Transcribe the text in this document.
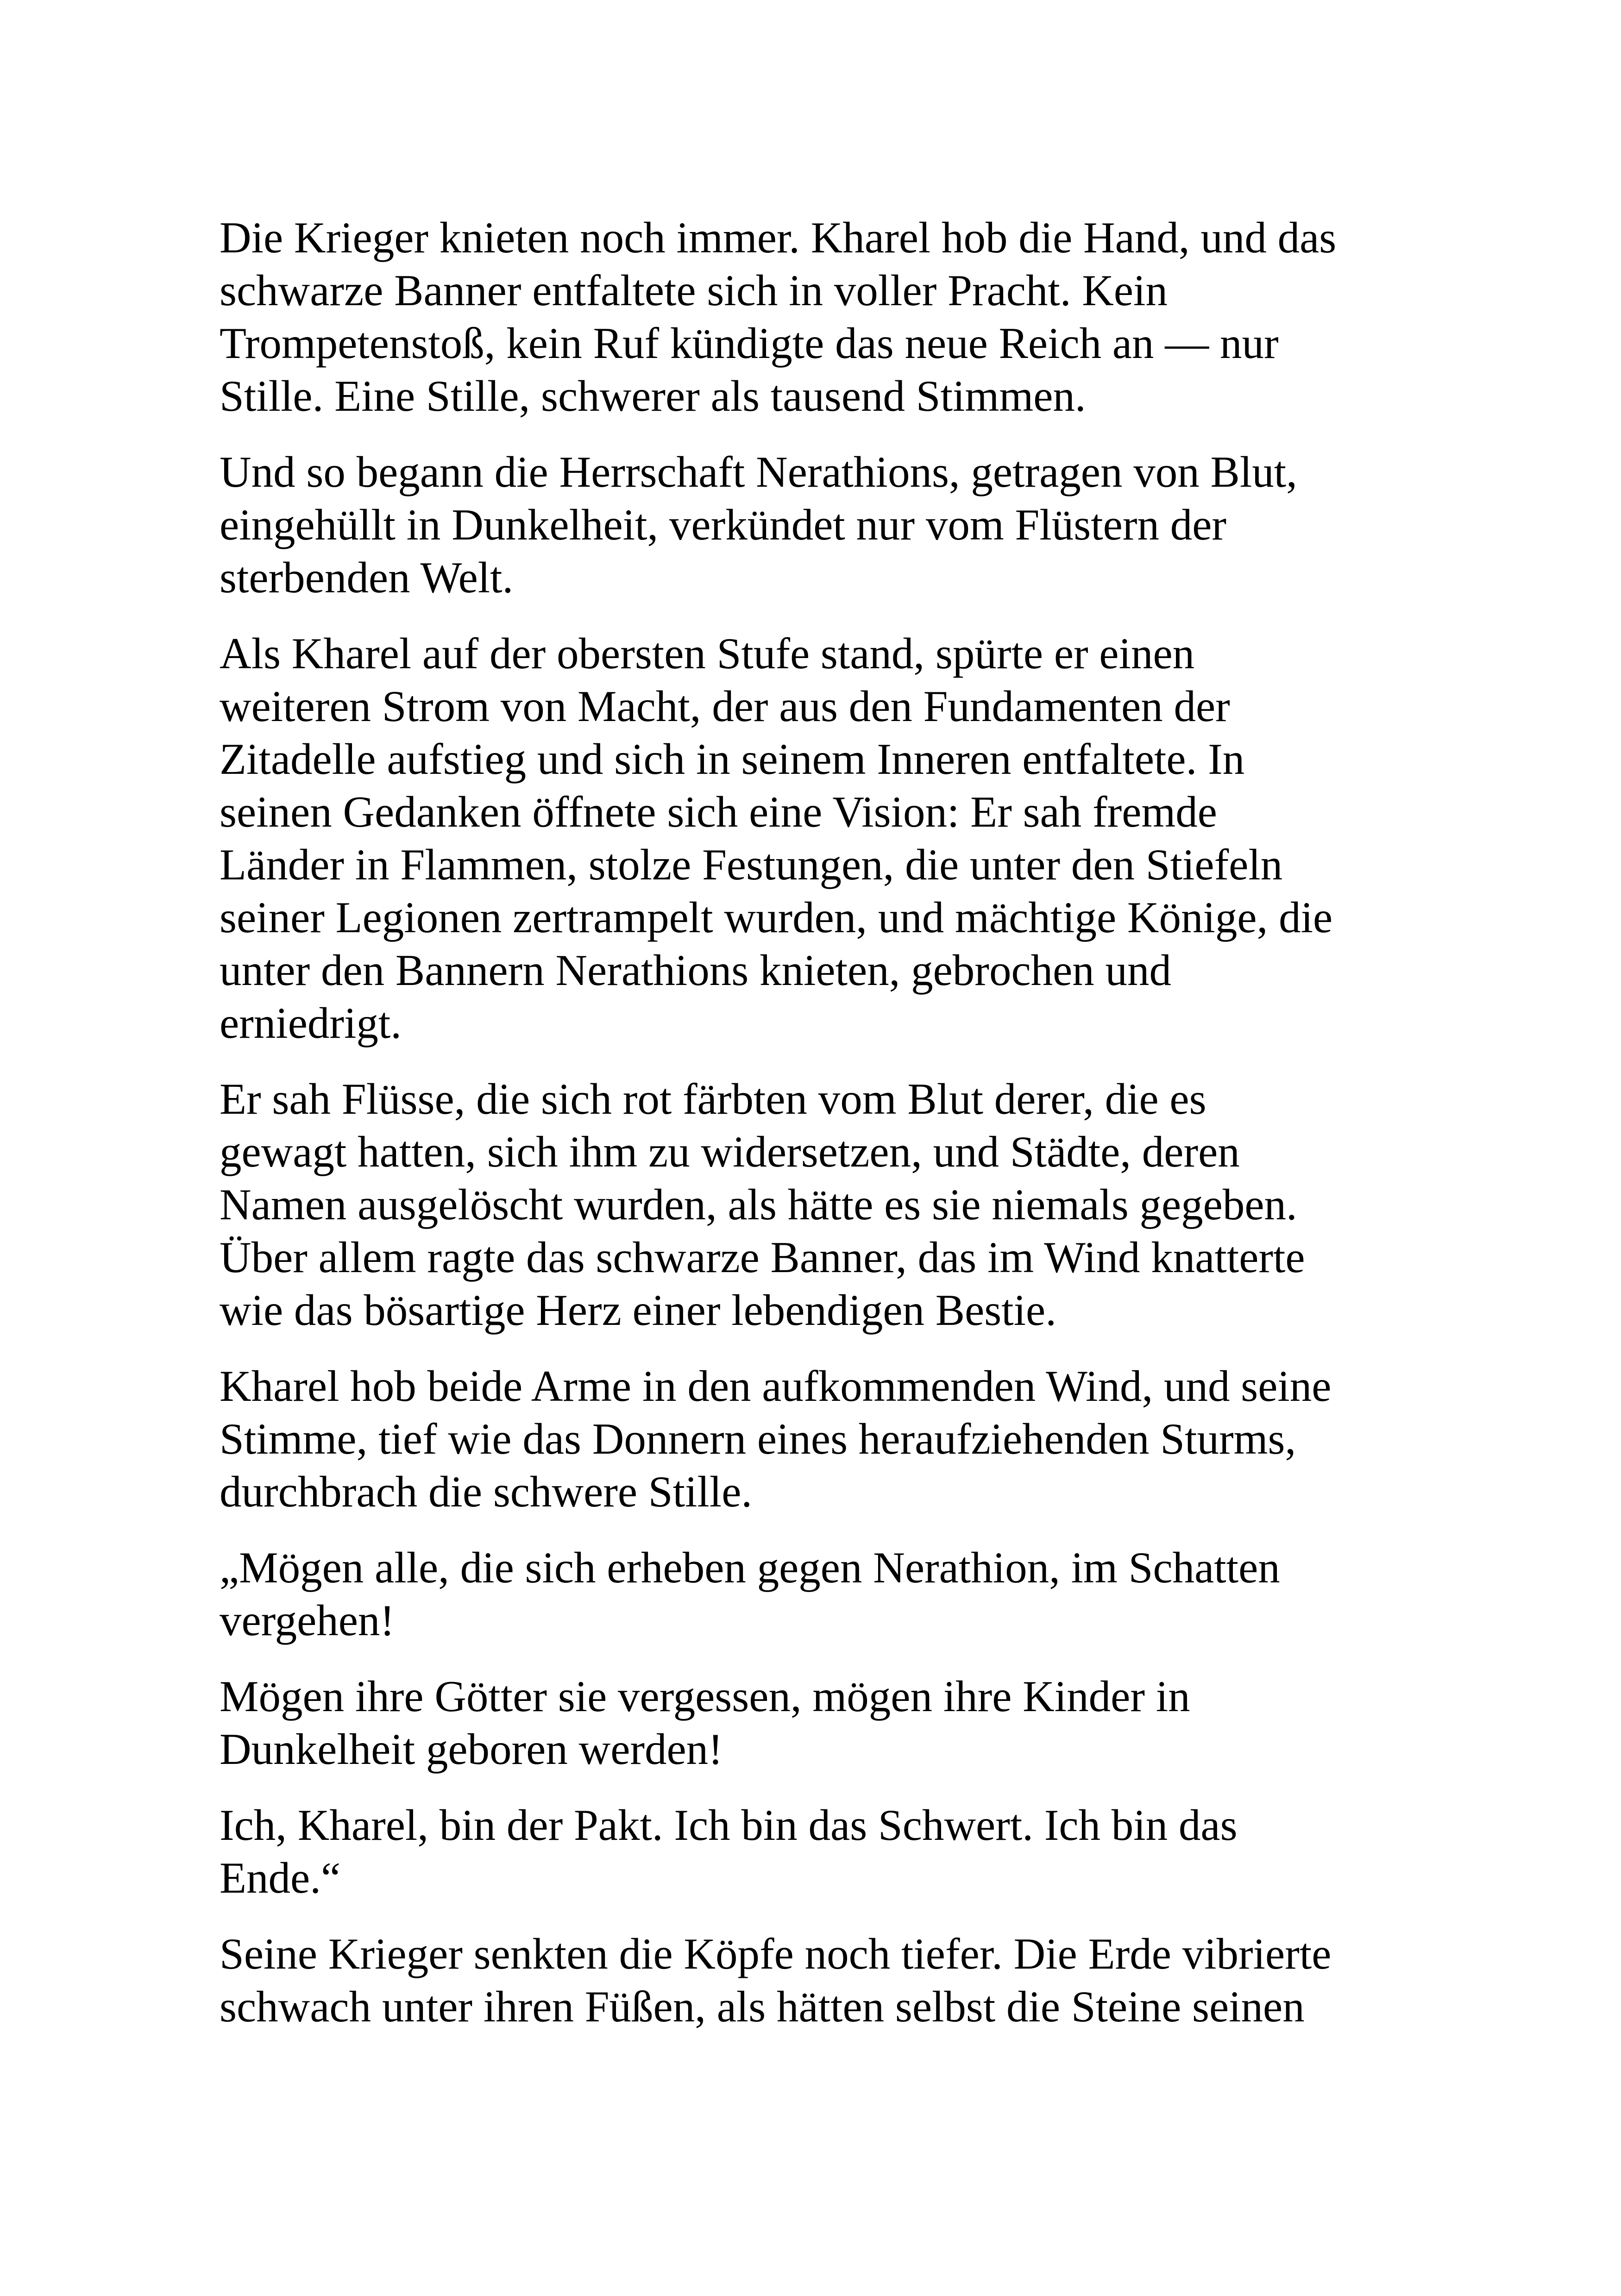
Die Krieger knieten noch immer. Kharel hob die Hand, und das
schwarze Banner entfaltete sich in voller Pracht. Kein
Trompetenstoß, kein Ruf kündigte das neue Reich an — nur
Stille. Eine Stille, schwerer als tausend Stimmen.

Und so begann die Herrschaft Nerathions, getragen von Blut,
eingehüllt in Dunkelheit, verkündet nur vom Flüstern der
sterbenden Welt.

Als Kharel auf der obersten Stufe stand, spürte er einen
weiteren Strom von Macht, der aus den Fundamenten der
Zitadelle aufstieg und sich in seinem Inneren entfaltete. In
seinen Gedanken öffnete sich eine Vision: Er sah fremde
Länder in Flammen, stolze Festungen, die unter den Stiefeln
seiner Legionen zertrampelt wurden, und mächtige Könige, die
unter den Bannern Nerathions knieten, gebrochen und
erniedrigt.

Er sah Flüsse, die sich rot färbten vom Blut derer, die es
gewagt hatten, sich ihm zu widersetzen, und Städte, deren
Namen ausgelöscht wurden, als hätte es sie niemals gegeben.
Über allem ragte das schwarze Banner, das im Wind knatterte
wie das bösartige Herz einer lebendigen Bestie.

Kharel hob beide Arme in den aufkommenden Wind, und seine
Stimme, tief wie das Donnern eines heraufziehenden Sturms,
durchbrach die schwere Stille.

„Mögen alle, die sich erheben gegen Nerathion, im Schatten
vergehen!

Mögen ihre Götter sie vergessen, mögen ihre Kinder in
Dunkelheit geboren werden!

Ich, Kharel, bin der Pakt. Ich bin das Schwert. Ich bin das
Ende.“

Seine Krieger senkten die Köpfe noch tiefer. Die Erde vibrierte
schwach unter ihren Füßen, als hätten selbst die Steine seinen
